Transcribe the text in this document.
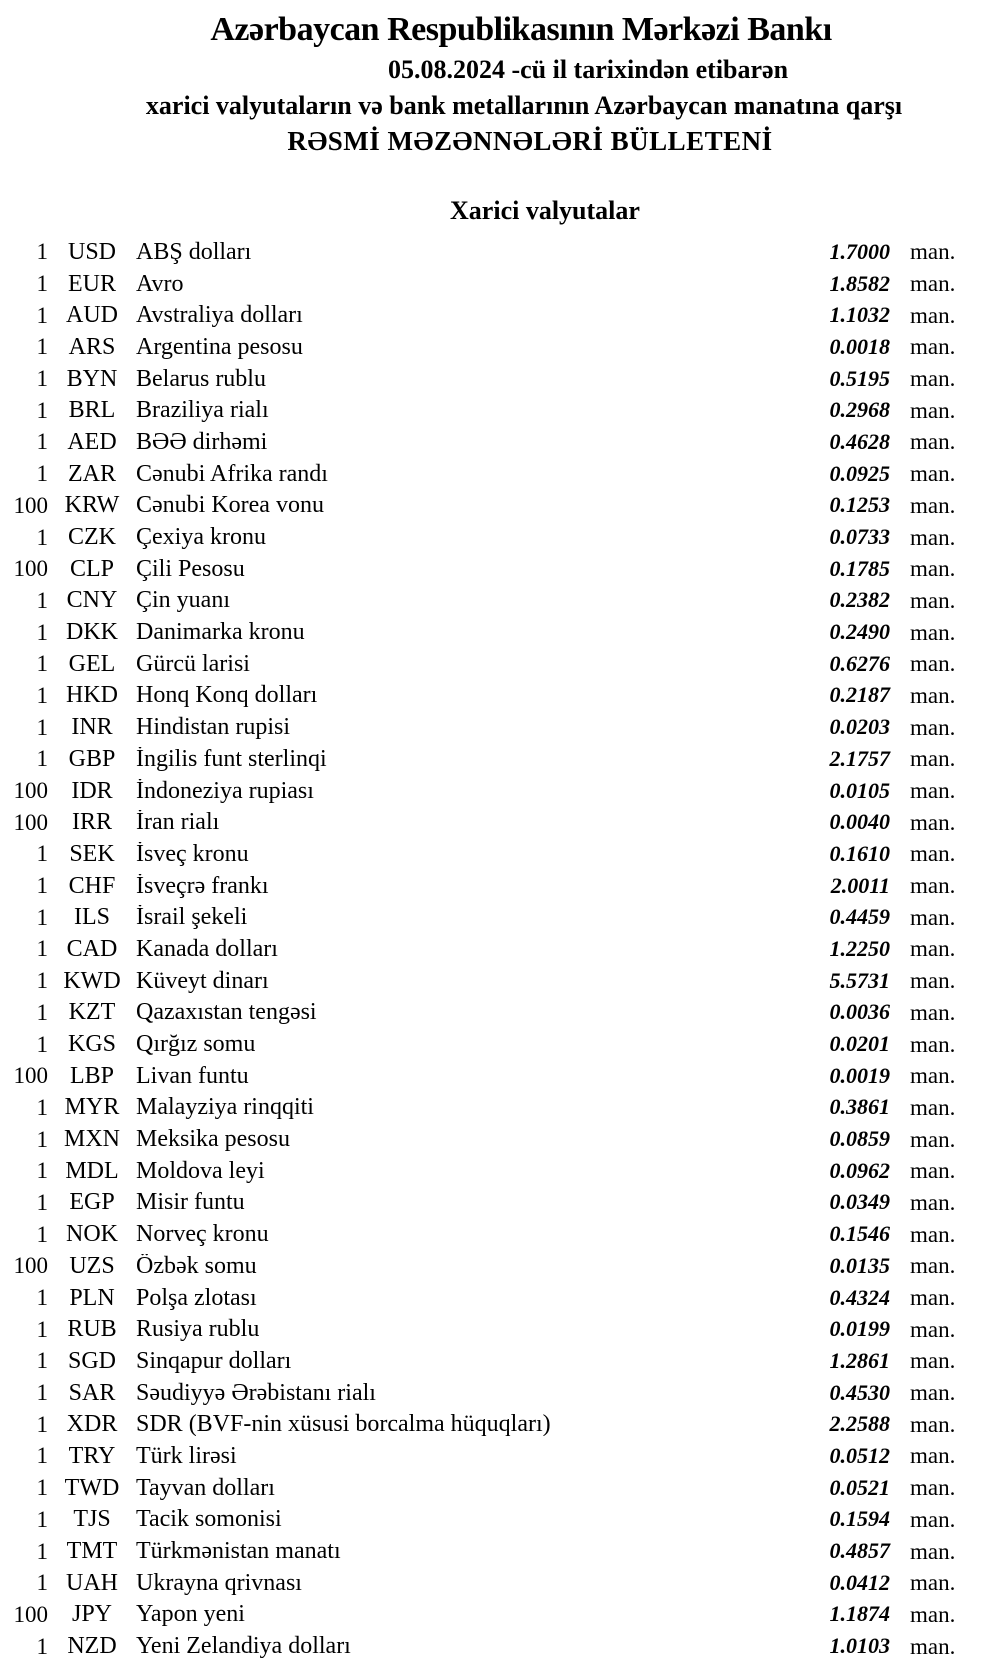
Azərbaycan Respublikasının Mərkəzi Bankı
05.08.2024 -cü il tarixindən etibarən
xarici valyutaların və bank metallarının Azərbaycan manatına qarşı
RƏSMİ MƏZƏNNƏLƏRİ BÜLLETENİ
Xarici valyutalar
1 USD ABŞ dolları	1.7000 man.
1 EUR Avro	1.8582 man.
1 AUD Avstraliya dolları	1.1032 man.
1 ARS Argentina pesosu	0.0018 man.
1 BYN Belarus rublu	0.5195 man.
1 BRL Braziliya rialı	0.2968 man.
1 AED BƏƏ dirhəmi	0.4628 man.
1 ZAR Cənubi Afrika randı	0.0925 man.
100 KRW Cənubi Korea vonu	0.1253 man.
1 CZK Çexiya kronu	0.0733 man.
100 CLP Çili Pesosu	0.1785 man.
1 CNY Çin yuanı	0.2382 man.
1 DKK Danimarka kronu	0.2490 man.
1 GEL Gürcü larisi	0.6276 man.
1 HKD Honq Konq dolları	0.2187 man.
1 INR Hindistan rupisi	0.0203 man.
1 GBP İngilis funt sterlinqi	2.1757 man.
100 IDR İndoneziya rupiası	0.0105 man.
100 IRR	İran rialı	0.0040 man.
1 SEK İsveç kronu	0.1610 man.
1 CHF İsveçrə frankı	2.0011 man.
1	ILS	İsrail şekeli	0.4459 man.
1 CAD Kanada dolları	1.2250 man.
1 KWD Küveyt dinarı	5.5731 man.
1 KZT Qazaxıstan tengəsi	0.0036 man.
1 KGS Qırğız somu	0.0201 man.
100 LBP Livan funtu	0.0019 man.
1 MYR Malayziya rinqqiti	0.3861 man.
1 MXN Meksika pesosu	0.0859 man.
1 MDL Moldova leyi	0.0962 man.
1 EGP Misir funtu	0.0349 man.
1 NOK Norveç kronu	0.1546 man.
100 UZS Özbək somu	0.0135 man.
1 PLN Polşa zlotası	0.4324 man.
1 RUB Rusiya rublu	0.0199 man.
1 SGD Sinqapur dolları	1.2861 man.
1 SAR Səudiyyə Ərəbistanı rialı	0.4530 man.
1 XDR SDR (BVF-nin xüsusi borcalma hüquqları)	2.2588 man.
1 TRY Türk lirəsi	0.0512 man.
1 TWD Tayvan dolları	0.0521 man.
1	TJS	Tacik somonisi	0.1594 man.
1 TMT Türkmənistan manatı	0.4857 man.
1 UAH Ukrayna qrivnası	0.0412 man.
100 JPY Yapon yeni	1.1874 man.
1 NZD Yeni Zelandiya dolları	1.0103 man.
